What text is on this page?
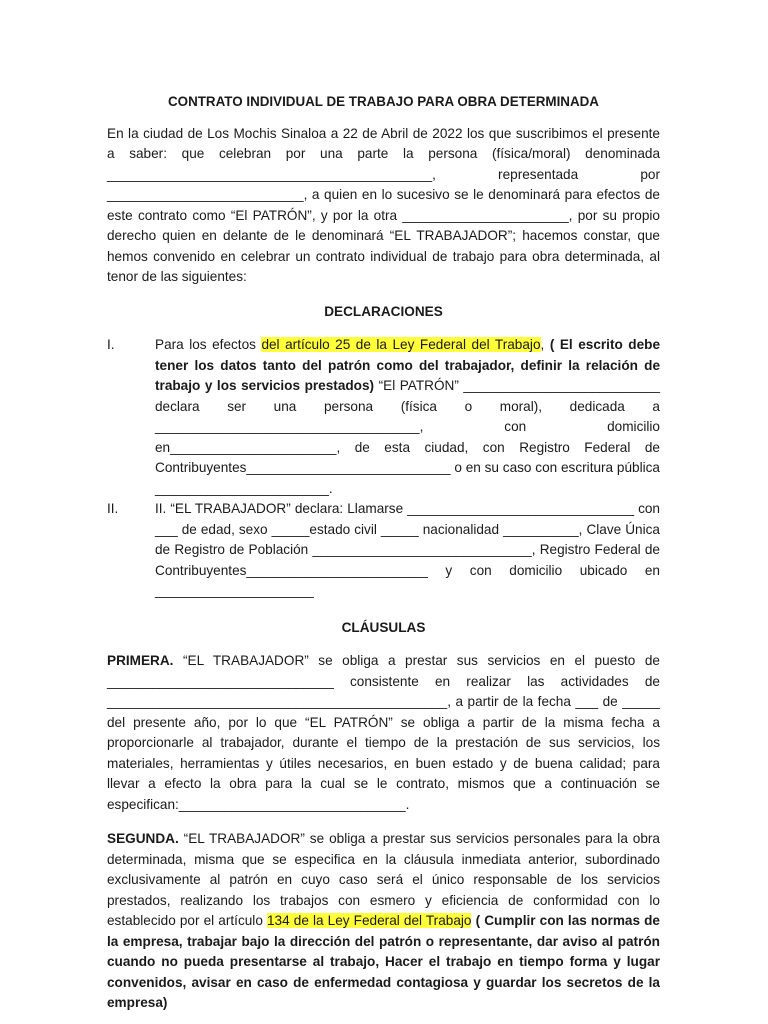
CONTRATO INDIVIDUAL DE TRABAJO PARA OBRA DETERMINADA

En la ciudad de Los Mochis Sinaloa a 22 de Abril de 2022 los que suscribimos el presente a saber: que celebran por una parte la persona (física/moral) denominada ___________________________________________, representada por __________________________, a quien en lo sucesivo se le denominará para efectos de este contrato como “El PATRÓN”, y por la otra ______________________, por su propio derecho quien en delante de le denominará “EL TRABAJADOR”; hacemos constar, que hemos convenido en celebrar un contrato individual de trabajo para obra determinada, al tenor de las siguientes:

DECLARACIONES
I.	Para los efectos del artículo 25 de la Ley Federal del Trabajo, ( El escrito debe tener los datos tanto del patrón como del trabajador, definir la relación de trabajo y los servicios prestados) “El PATRÓN” __________________________ declara ser una persona (física o moral), dedicada a ___________________________________, con domicilio en______________________, de esta ciudad, con Registro Federal de Contribuyentes___________________________ o en su caso con escritura pública _______________________.
II.	II. “EL TRABAJADOR” declara: Llamarse ______________________________ con ___ de edad, sexo _____estado civil _____ nacionalidad __________, Clave Única de Registro de Población _____________________________, Registro Federal de Contribuyentes________________________ y con domicilio ubicado en _____________________
CLÁUSULAS

PRIMERA. “EL TRABAJADOR” se obliga a prestar sus servicios en el puesto de ______________________________ consistente en realizar las actividades de _____________________________________________, a partir de la fecha ___ de _____ del presente año, por lo que “EL PATRÓN” se obliga a partir de la misma fecha a proporcionarle al trabajador, durante el tiempo de la prestación de sus servicios, los materiales, herramientas y útiles necesarios, en buen estado y de buena calidad; para llevar a efecto la obra para la cual se le contrato, mismos que a continuación se especifican:______________________________.

SEGUNDA. “EL TRABAJADOR” se obliga a prestar sus servicios personales para la obra determinada, misma que se especifica en la cláusula inmediata anterior, subordinado exclusivamente al patrón en cuyo caso será el único responsable de los servicios prestados, realizando los trabajos con esmero y eficiencia de conformidad con lo establecido por el artículo 134 de la Ley Federal del Trabajo ( Cumplir con las normas de la empresa, trabajar bajo la dirección del patrón o representante, dar aviso al patrón cuando no pueda presentarse al trabajo, Hacer el trabajo en tiempo forma y lugar convenidos, avisar en caso de enfermedad contagiosa y guardar los secretos de la empresa)
